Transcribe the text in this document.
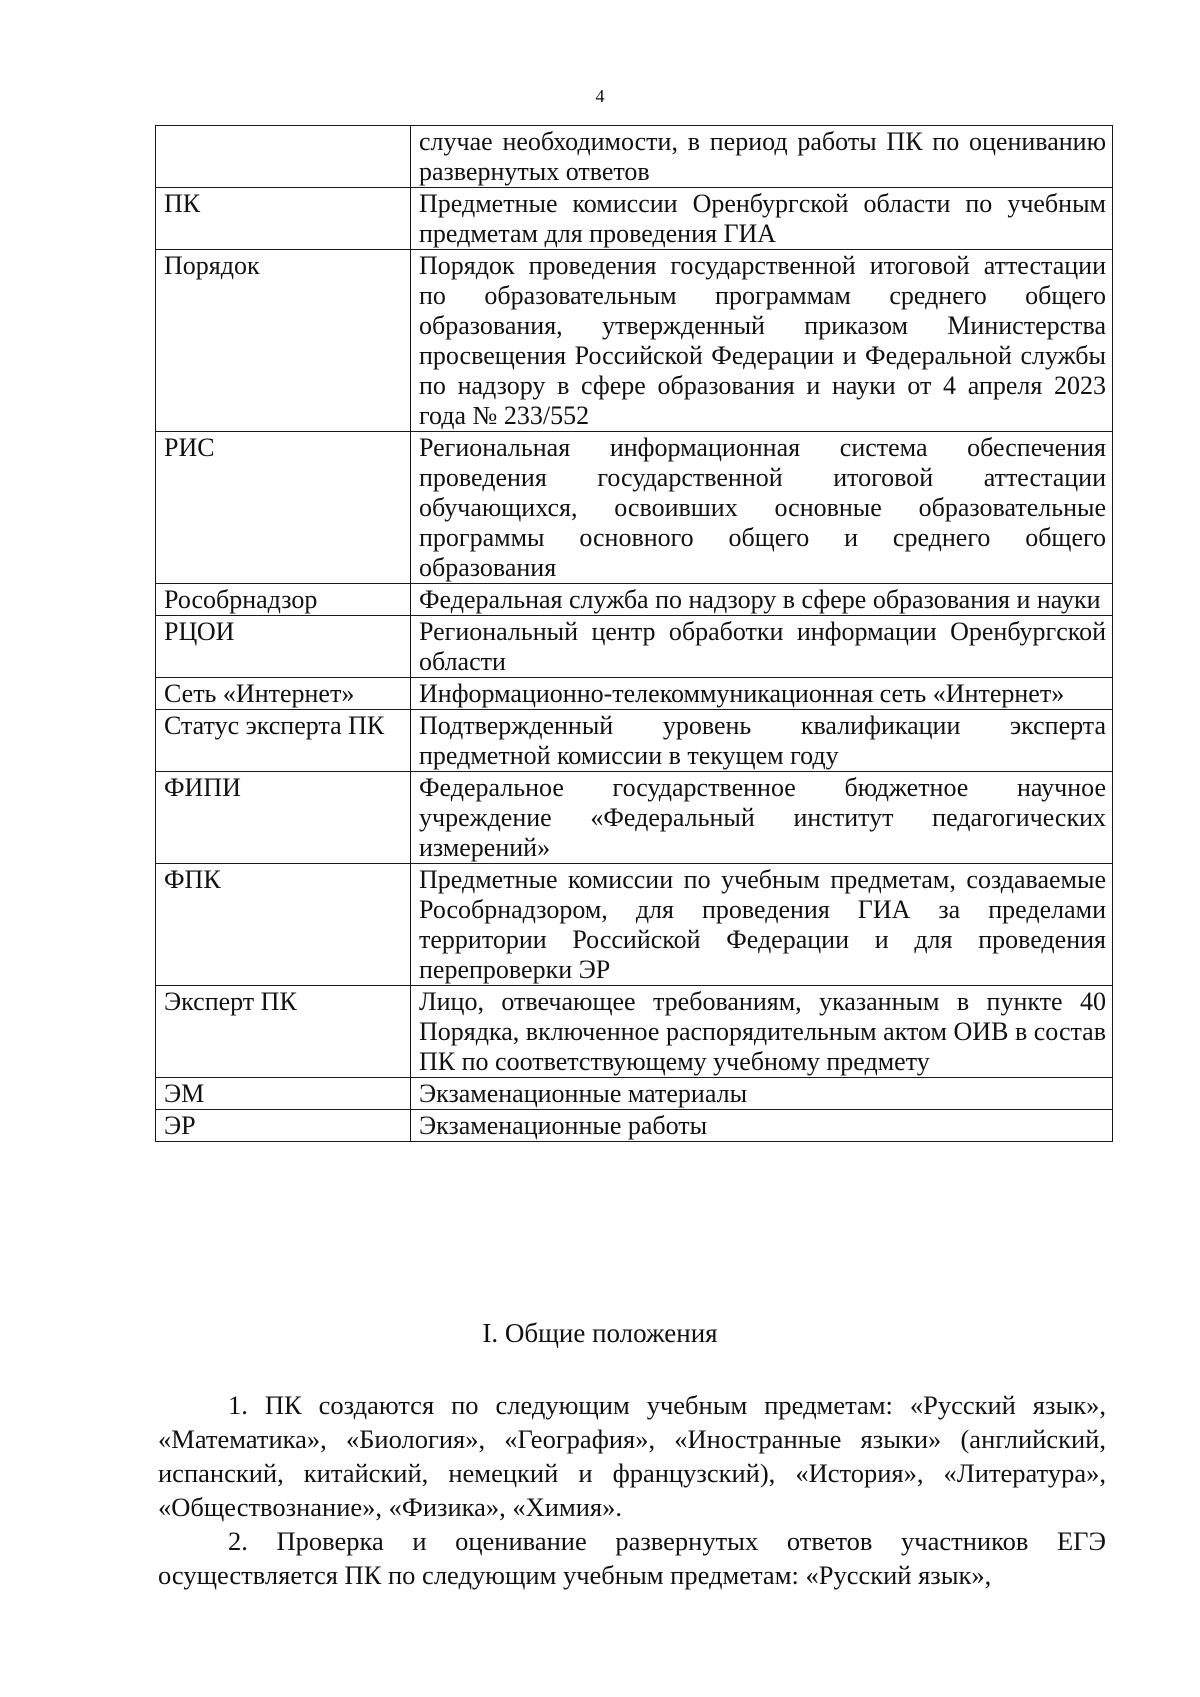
4
	случае необходимости, в период работы ПК по оцениванию развернутых ответов
ПК	Предметные комиссии Оренбургской области по учебным предметам для проведения ГИА
Порядок	Порядок проведения государственной итоговой аттестации по образовательным программам среднего общего образования, утвержденный приказом Министерства просвещения Российской Федерации и Федеральной службы по надзору в сфере образования и науки от 4 апреля 2023 года № 233/552
РИС	Региональная информационная система обеспечения проведения государственной итоговой аттестации обучающихся, освоивших основные образовательные программы основного общего и среднего общего образования
Рособрнадзор	Федеральная служба по надзору в сфере образования и науки
РЦОИ	Региональный центр обработки информации Оренбургской области
Сеть «Интернет»	Информационно-телекоммуникационная сеть «Интернет»
Статус эксперта ПК	Подтвержденный уровень квалификации эксперта предметной комиссии в текущем году
ФИПИ	Федеральное государственное бюджетное научное учреждение «Федеральный институт педагогических измерений»
ФПК	Предметные комиссии по учебным предметам, создаваемые Рособрнадзором, для проведения ГИА за пределами территории Российской Федерации и для проведения перепроверки ЭР
Эксперт ПК	Лицо, отвечающее требованиям, указанным в пункте 40 Порядка, включенное распорядительным актом ОИВ в состав ПК по соответствующему учебному предмету
ЭМ	Экзаменационные материалы
ЭР	Экзаменационные работы
I. Общие положения

1. ПК создаются по следующим учебным предметам: «Русский язык», «Математика», «Биология», «География», «Иностранные языки» (английский, испанский, китайский, немецкий и французский), «История», «Литература», «Обществознание», «Физика», «Химия».

2. Проверка и оценивание развернутых ответов участников ЕГЭ осуществляется ПК по следующим учебным предметам: «Русский язык»,
